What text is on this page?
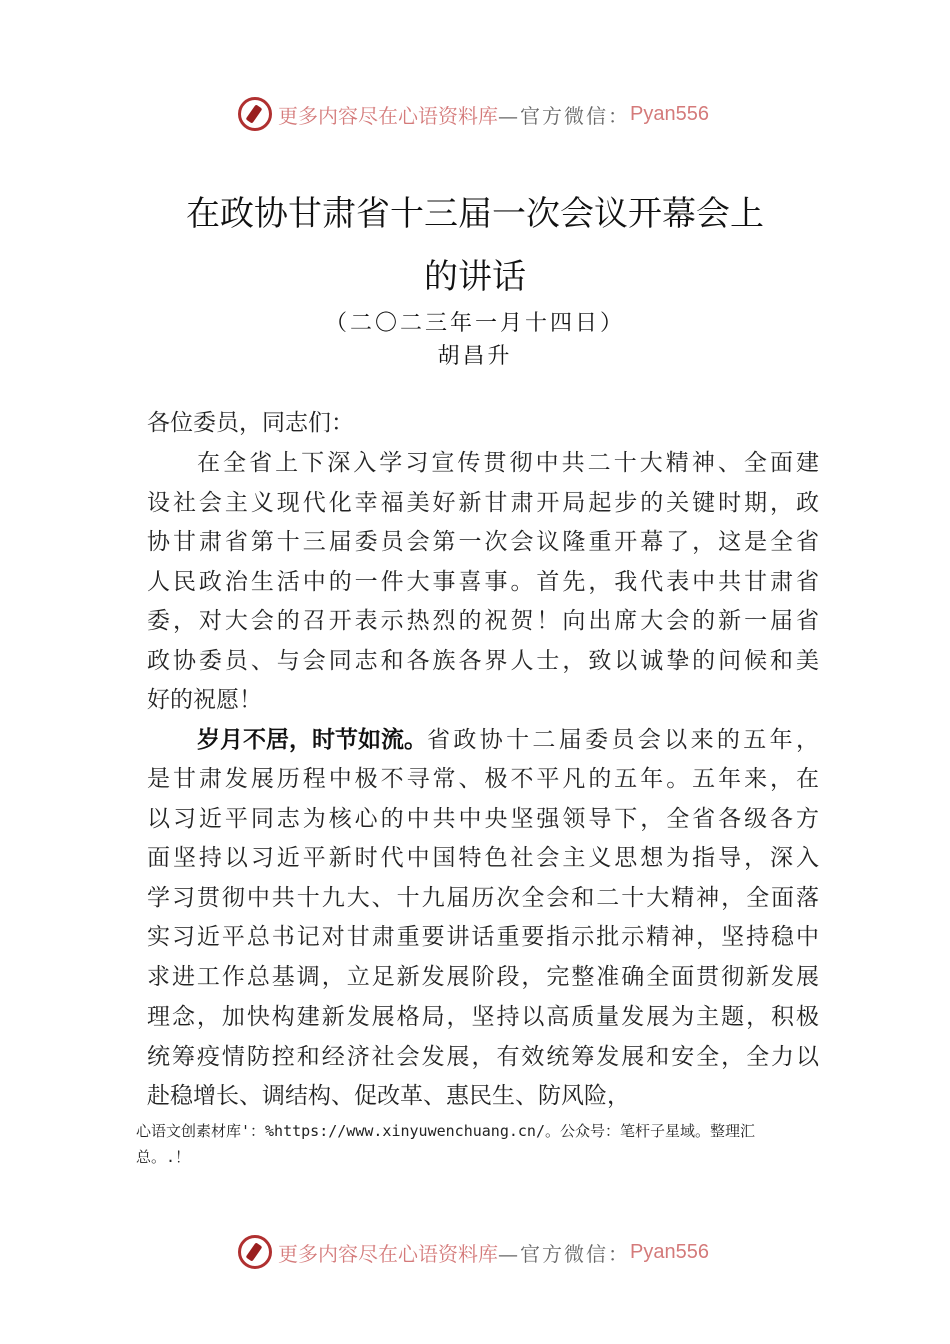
更多内容尽在心语资料库 —官方微信： Pyan556
在政协甘肃省十三届一次会议开幕会上
的讲话
（二〇二三年一月十四日）
胡昌升
各位委员，同志们：
在全省上下深入学习宣传贯彻中共二十大精神、全面建
设社会主义现代化幸福美好新甘肃开局起步的关键时期，政
协甘肃省第十三届委员会第一次会议隆重开幕了，这是全省
人民政治生活中的一件大事喜事。首先，我代表中共甘肃省
委，对大会的召开表示热烈的祝贺！向出席大会的新一届省
政协委员、与会同志和各族各界人士，致以诚挚的问候和美
好的祝愿！
岁月不居，时节如流。 省政协十二届委员会以来的五年，
是甘肃发展历程中极不寻常、极不平凡的五年。五年来，在
以习近平同志为核心的中共中央坚强领导下，全省各级各方
面坚持以习近平新时代中国特色社会主义思想为指导，深入
学习贯彻中共十九大、十九届历次全会和二十大精神，全面落
实习近平总书记对甘肃重要讲话重要指示批示精神，坚持稳中
求进工作总基调，立足新发展阶段，完整准确全面贯彻新发展
理念，加快构建新发展格局，坚持以高质量发展为主题，积极
统筹疫情防控和经济社会发展，有效统筹发展和安全，全力以
赴稳增长、调结构、促改革、惠民生、防风险，
心语文创素材库'：%https://www.xinyuwenchuang.cn/。公众号：笔杆子星域。整理汇
总。.！
更多内容尽在心语资料库 —官方微信： Pyan556
